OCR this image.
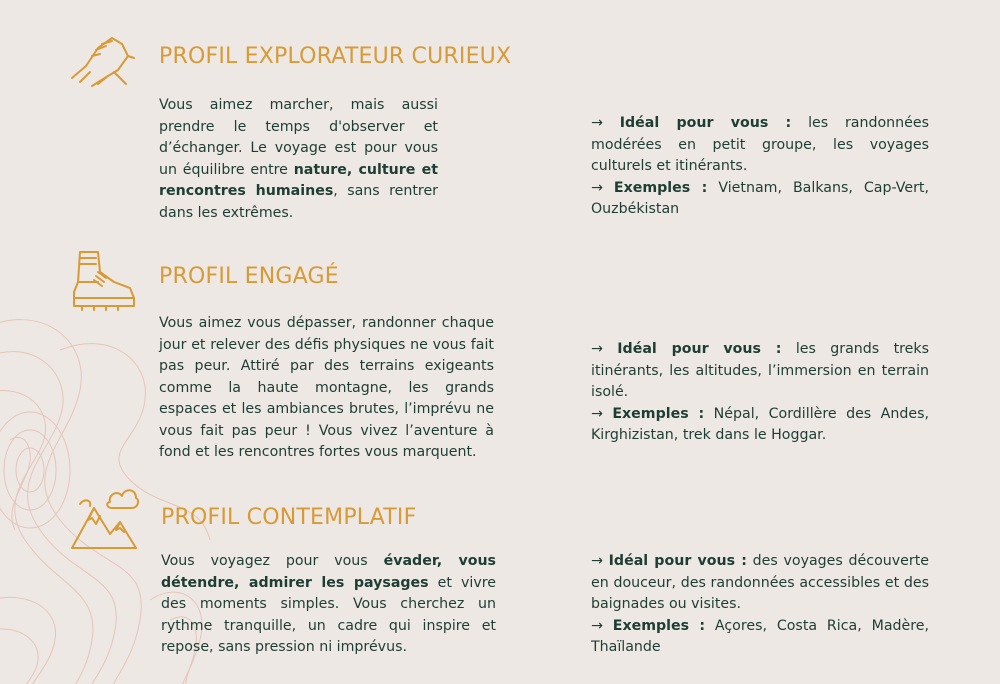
PROFIL EXPLORATEUR CURIEUX
Vous aimez marcher, mais aussi prendre le temps d'observer et d’échanger. Le voyage est pour vous un équilibre entre nature, culture et rencontres humaines, sans rentrer dans les extrêmes.

→ Idéal pour vous : les randonnées modérées en petit groupe, les voyages culturels et itinérants.

→ Exemples : Vietnam, Balkans, Cap-Vert, Ouzbékistan

PROFIL ENGAGÉ
Vous aimez vous dépasser, randonner chaque jour et relever des défis physiques ne vous fait pas peur. Attiré par des terrains exigeants comme la haute montagne, les grands espaces et les ambiances brutes, l’imprévu ne vous fait pas peur ! Vous vivez l’aventure à fond et les rencontres fortes vous marquent.

→ Idéal pour vous : les grands treks itinérants, les altitudes, l’immersion en terrain isolé.

→ Exemples : Népal, Cordillère des Andes, Kirghizistan, trek dans le Hoggar.

PROFIL CONTEMPLATIF
Vous voyagez pour vous évader, vous détendre, admirer les paysages et vivre des moments simples. Vous cherchez un rythme tranquille, un cadre qui inspire et repose, sans pression ni imprévus.

→ Idéal pour vous : des voyages découverte en douceur, des randonnées accessibles et des baignades ou visites.

→ Exemples : Açores, Costa Rica, Madère, Thaïlande
